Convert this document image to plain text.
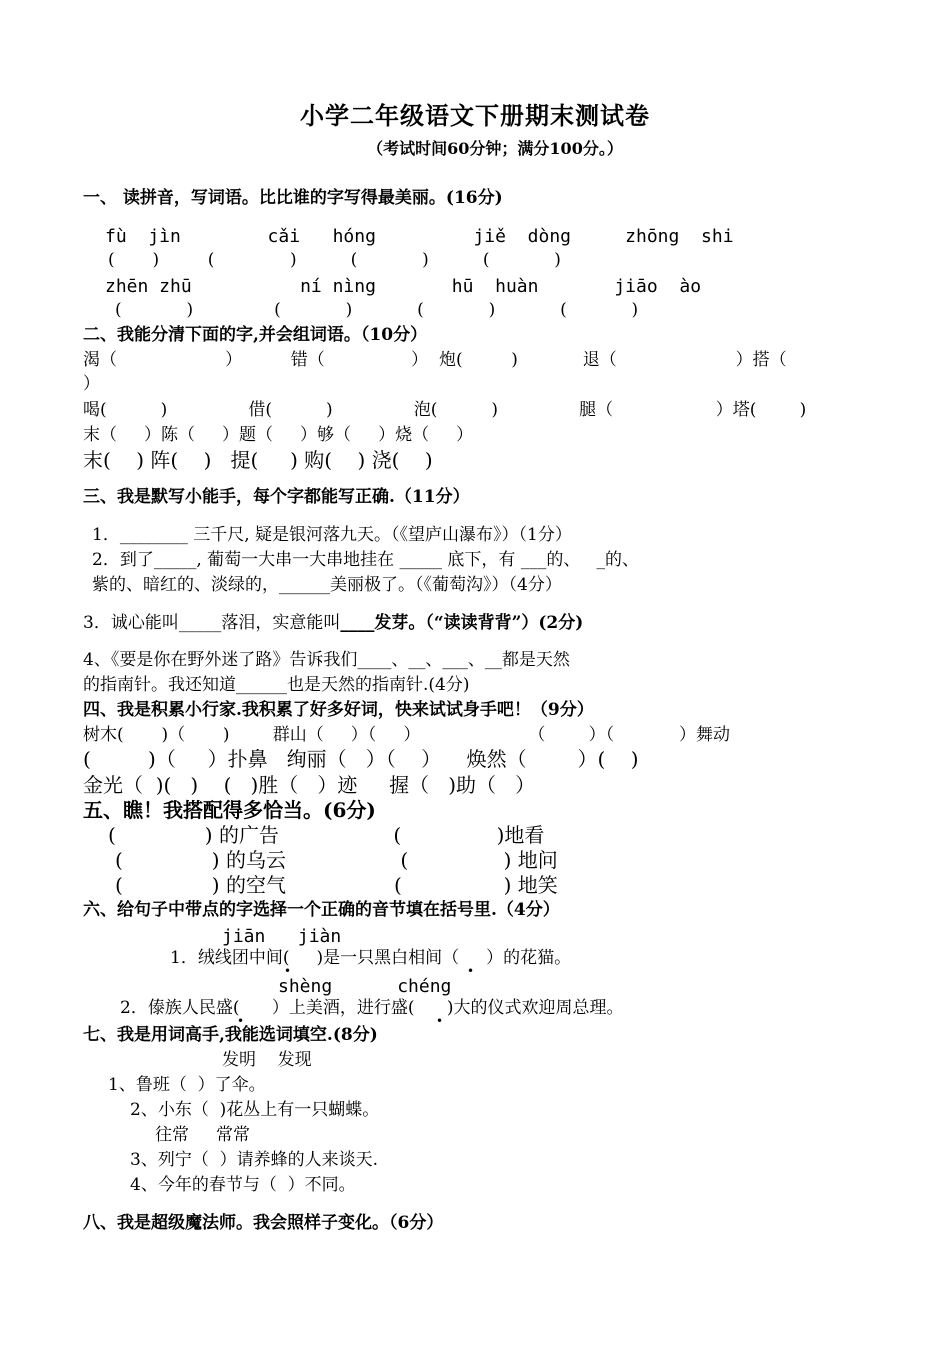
小学二年级语文下册期末测试卷
（考试时间60分钟；满分100分。）
一、 读拼音，写词语。比比谁的字写得最美丽。(16分)
fù  jìn        cǎi   hóng         jiě  dòng     zhōng  shi
(       )         (              )          (            )          (            )
zhēn zhū          ní nìng       hū  huàn       jiāo  ào
(            )               (            )            (            )            (            )
二、我能分清下面的字,并会组词语。（10分）
渴（                    ）         错（                ）  炮(         )            退（                      ）搭（
）
喝(          )               借(          )               泡(          )               腿（                   ）塔(        )
末（     ）陈（     ）题（     ）够（     ）烧（     ）
末(    ) 阵(    )   提(     ) 购(    ) 浇(    )
三、我是默写小能手，每个字都能写正确.（11分）
1．________ 三千尺, 疑是银河落九天。（《望庐山瀑布》）（1分）
2．到了_____, 葡萄一大串一大串地挂在 _____ 底下，有 ___的、   _的、
紫的、暗红的、淡绿的，______美丽极了。（《葡萄沟》）（4分）
3．诚心能叫_____落泪，实意能叫____发芽。（“读读背背”）(2分)
4、《要是你在野外迷了路》告诉我们____、__、___、__都是天然
的指南针。我还知道______也是天然的指南针.(4分)
四、我是积累小行家.我积累了好多好词，快来试试身手吧！（9分）
树木(       )（       )        群山（     ）（     ）                    （        ）（            ）舞动
(         )（     ）扑鼻   绚丽（   ）（    ）    焕然（        ）(    )
金光（  )(   )    (   )胜（   ）迹     握（   )助（   ）
五、瞧！我搭配得多恰当。(6分)
(              ) 的广告                  (               )地看
(              ) 的乌云                  (               ) 地问
(              ) 的空气                 (                ) 地笑
六、给句子中带点的字选择一个正确的音节填在括号里.（4分）
jiān   jiàn
1．绒线团中间(     )是一只黑白相间（     ）的花猫。
•	•
shèng      chéng
2．傣族人民盛(      ）上美酒，进行盛(      )大的仪式欢迎周总理。
•	•
七、我是用词高手,我能选词填空.(8分)
发明    发现
1、鲁班（  ）了伞。
2、小东（  )花丛上有一只蝴蝶。
往常     常常
3、列宁（  ）请养蜂的人来谈天.
4、今年的春节与（  ）不同。
八、我是超级魔法师。我会照样子变化。（6分）
